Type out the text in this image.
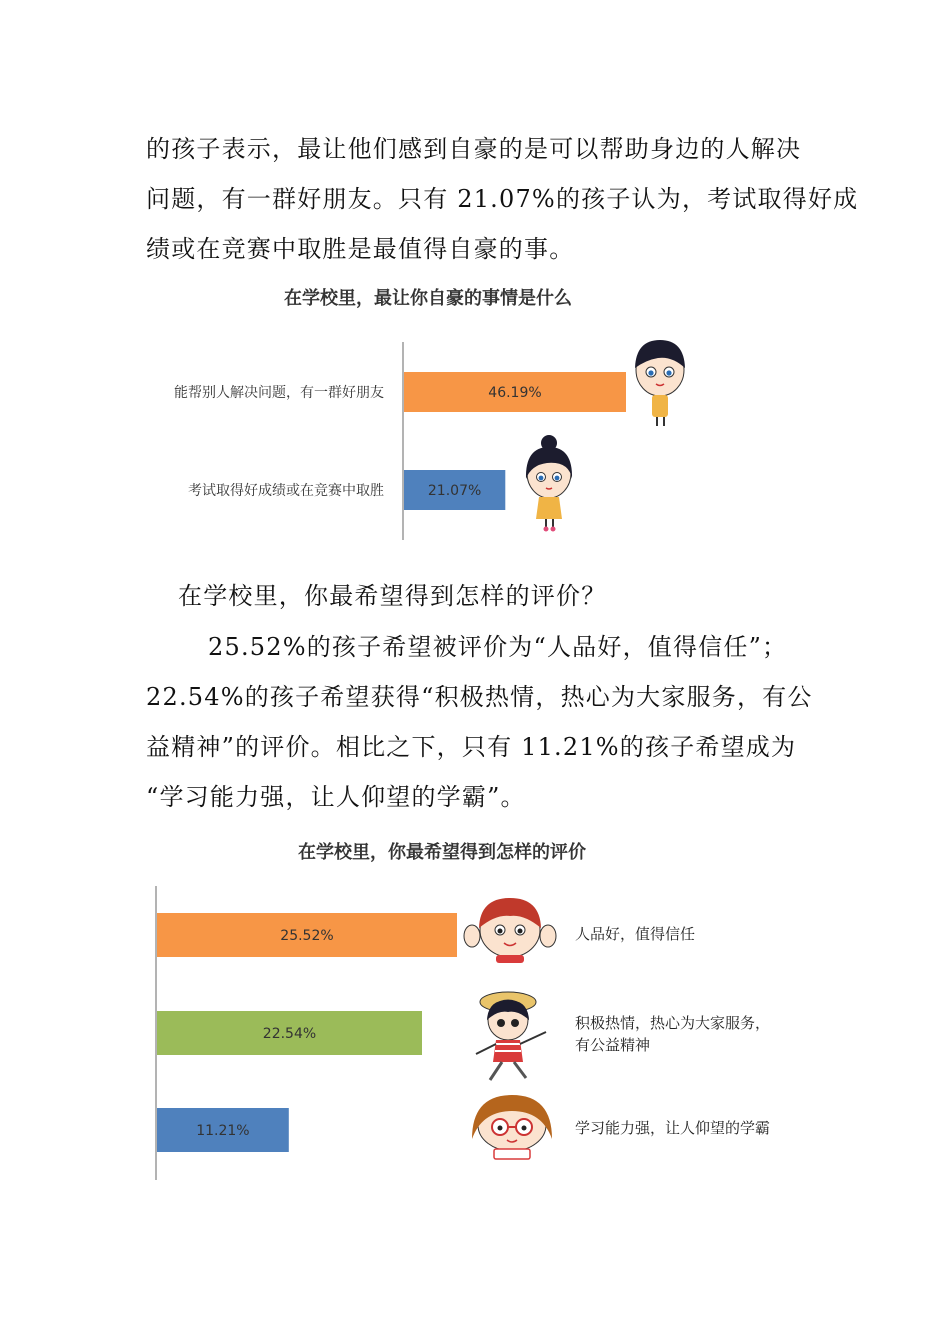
的孩子表示，最让他们感到自豪的是可以帮助身边的人解决
问题，有一群好朋友。只有 21.07%的孩子认为，考试取得好成
绩或在竞赛中取胜是最值得自豪的事。
在学校里，最让你自豪的事情是什么
能帮别人解决问题，有一群好朋友
考试取得好成绩或在竞赛中取胜
46.19%
21.07%
在学校里，你最希望得到怎样的评价？
25.52%的孩子希望被评价为“人品好，值得信任”；
22.54%的孩子希望获得“积极热情，热心为大家服务，有公
益精神”的评价。相比之下，只有 11.21%的孩子希望成为
“学习能力强，让人仰望的学霸”。
在学校里，你最希望得到怎样的评价
25.52%
22.54%
11.21%
人品好，值得信任
积极热情，热心为大家服务，
有公益精神
学习能力强，让人仰望的学霸
